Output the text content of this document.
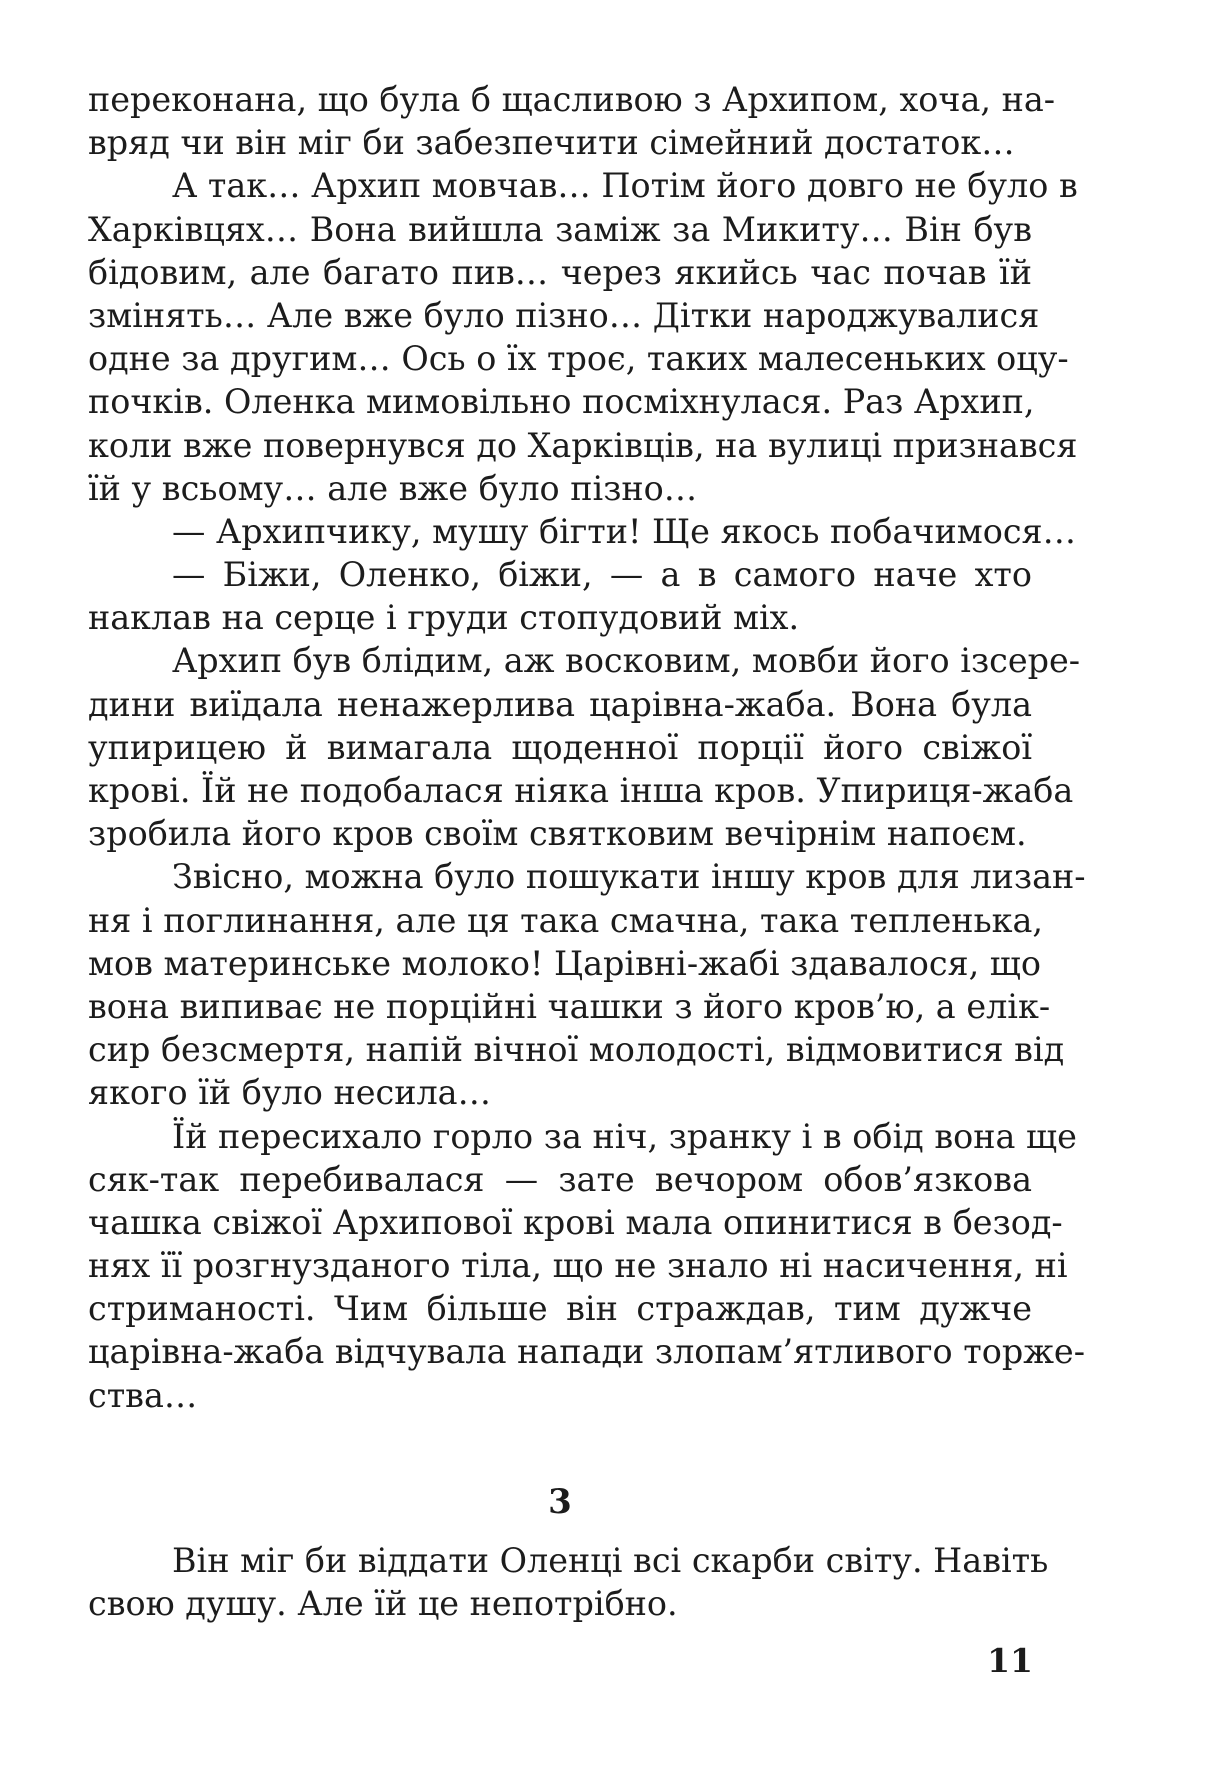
переконана, що була б щасливою з Архипом, хоча, на-
вряд чи він міг би забезпечити сімейний достаток…
А так… Архип мовчав… Потім його довго не було в
Харківцях… Вона вийшла заміж за Микиту… Він був
бідовим, але багато пив… через якийсь час почав їй
змінять… Але вже було пізно… Дітки народжувалися
одне за другим… Ось о їх троє, таких малесеньких оцу-
почків. Оленка мимовільно посміхнулася. Раз Архип,
коли вже повернувся до Харківців, на вулиці признався
їй у всьому… але вже було пізно…
— Архипчику, мушу бігти! Ще якось побачимося…
— Біжи, Оленко, біжи, — а в самого наче хто
наклав на серце і груди стопудовий міх.
Архип був блідим, аж восковим, мовби його ізсере-
дини виїдала ненажерлива царівна-жаба. Вона була
упирицею й вимагала щоденної порції його свіжої
крові. Їй не подобалася ніяка інша кров. Упириця-жаба
зробила його кров своїм святковим вечірнім напоєм.
Звісно, можна було пошукати іншу кров для лизан-
ня і поглинання, але ця така смачна, така тепленька,
мов материнське молоко! Царівні-жабі здавалося, що
вона випиває не порційні чашки з його кров’ю, а елік-
сир безсмертя, напій вічної молодості, відмовитися від
якого їй було несила…
Їй пересихало горло за ніч, зранку і в обід вона ще
сяк-так перебивалася — зате вечором обов’язкова
чашка свіжої Архипової крові мала опинитися в безод-
нях її розгнузданого тіла, що не знало ні насичення, ні
стриманості. Чим більше він страждав, тим дужче
царівна-жаба відчувала напади злопам’ятливого торже-
ства…
3
Він міг би віддати Оленці всі скарби світу. Навіть
свою душу. Але їй це непотрібно.
11
